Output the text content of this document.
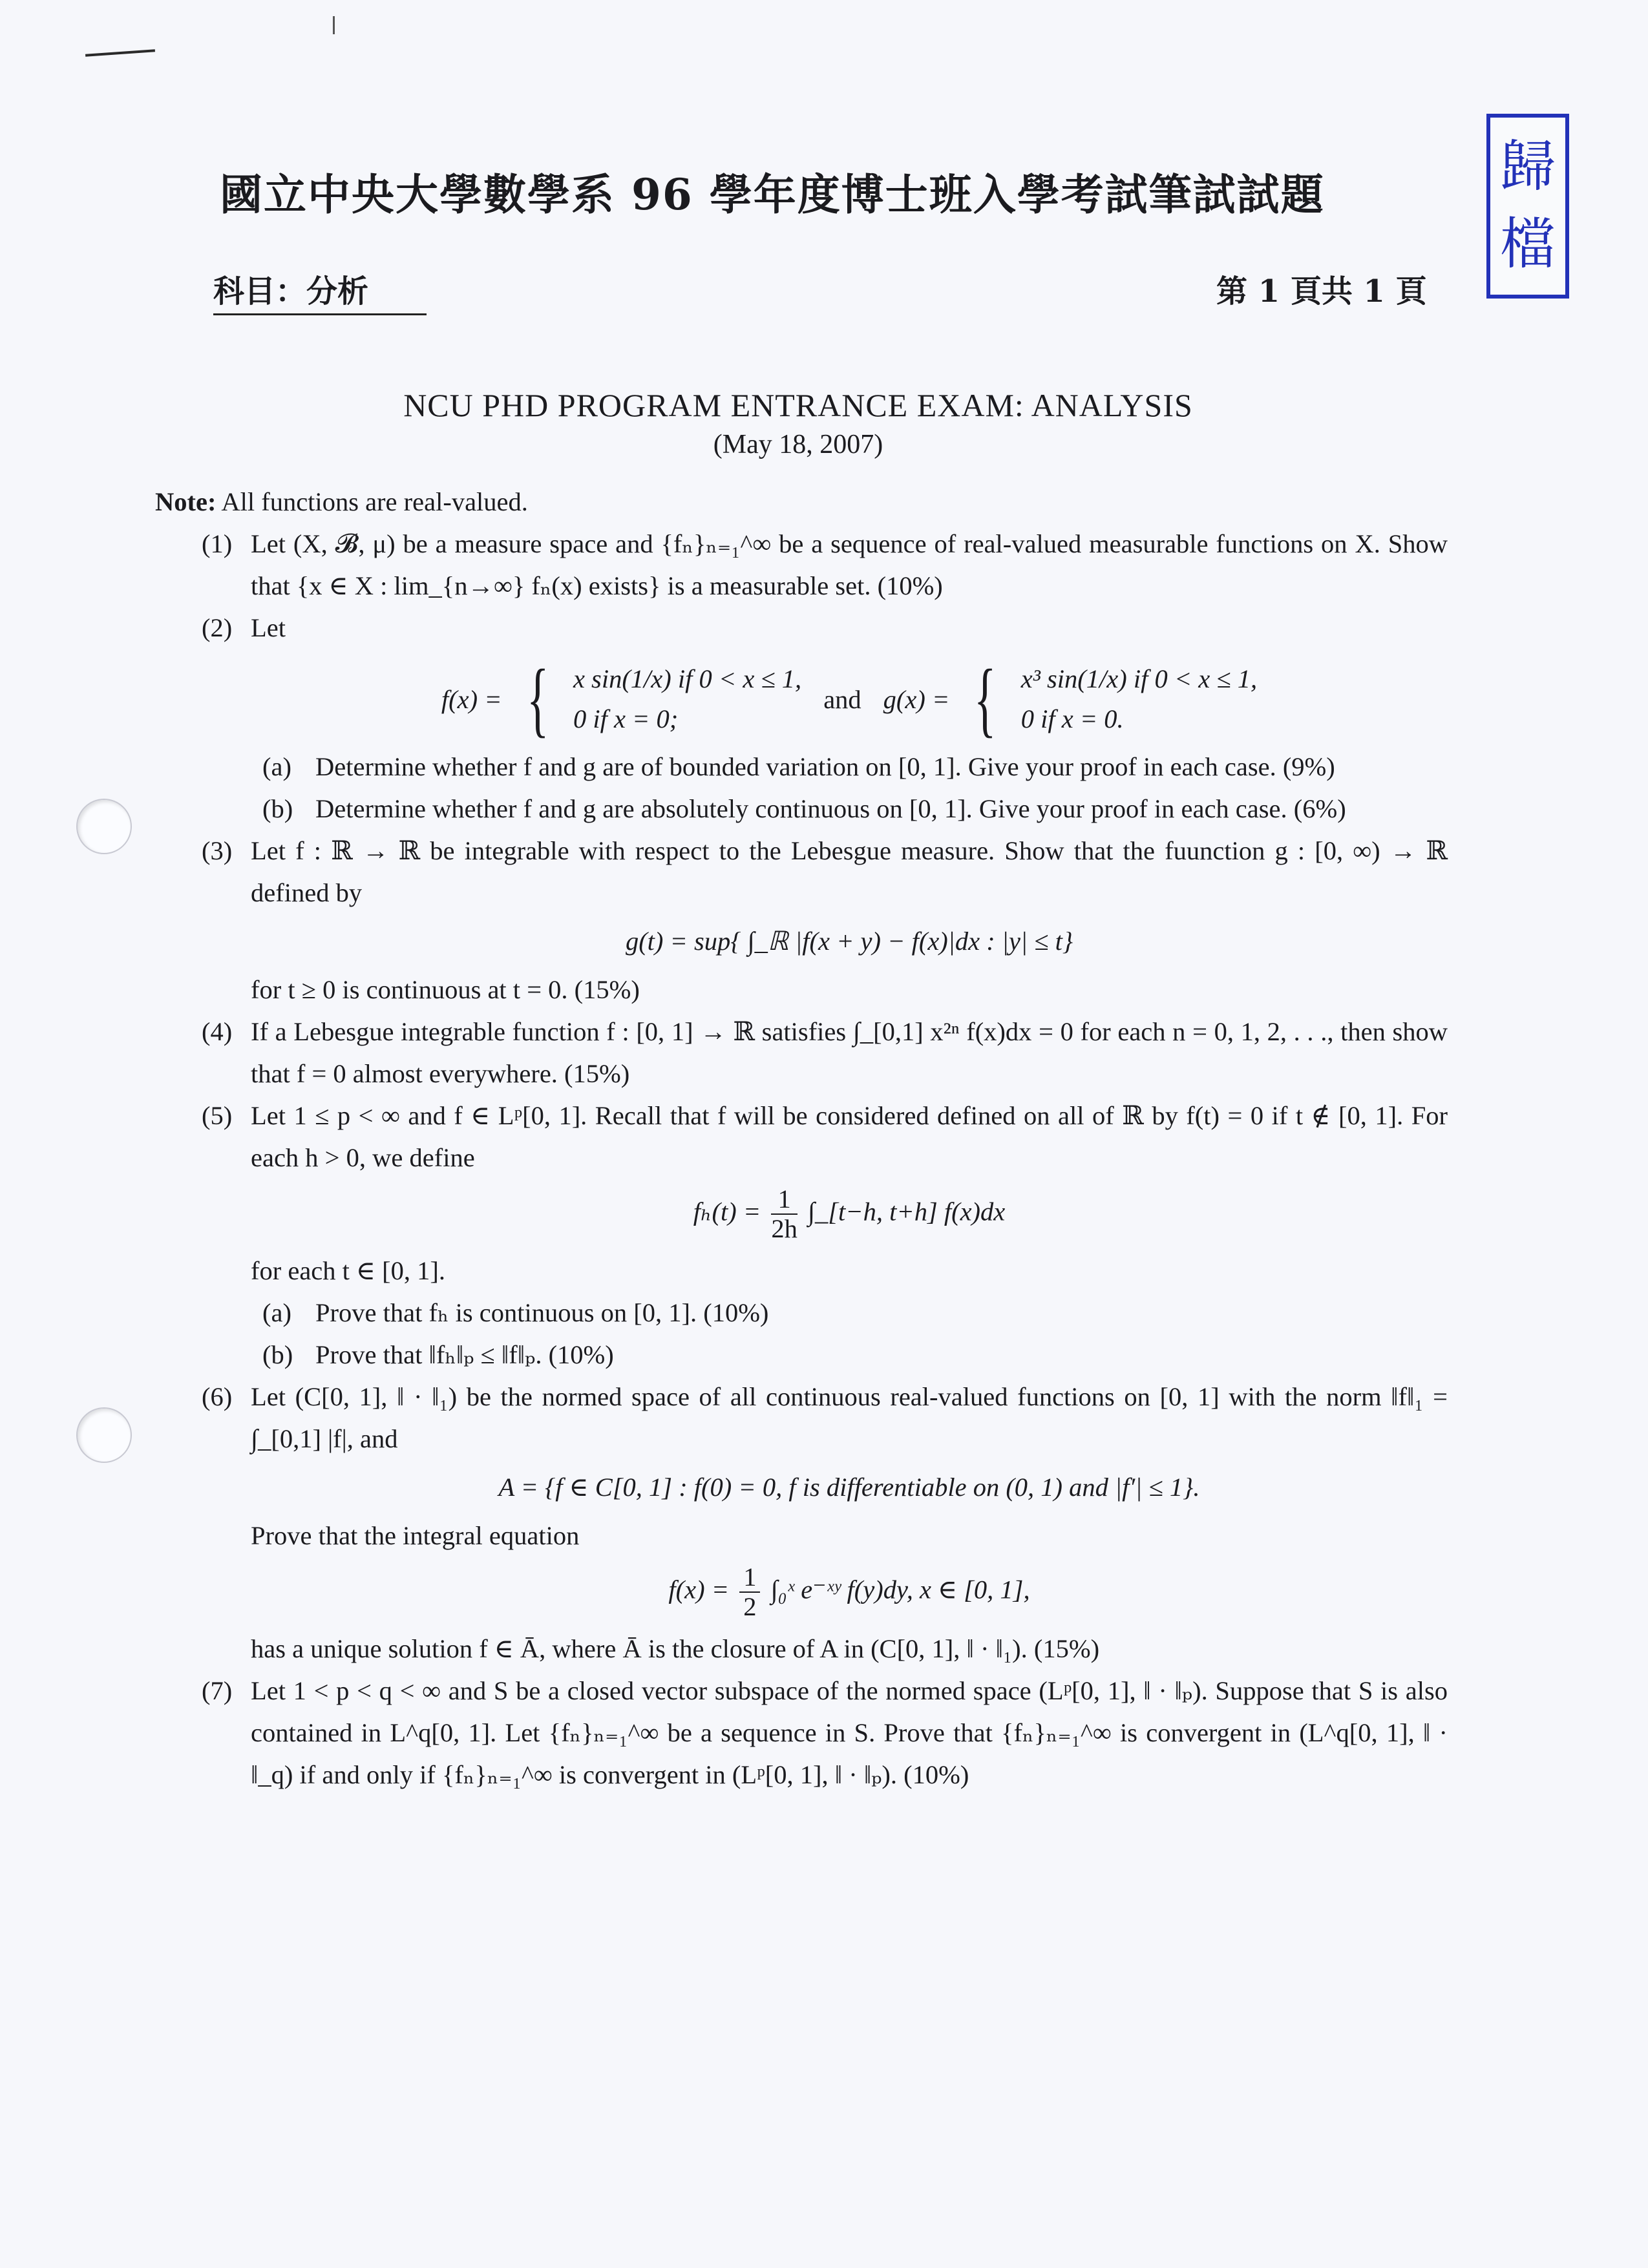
歸
檔
國立中央大學數學系 96 學年度博士班入學考試筆試試題
科目：分析	第 1 頁共 1 頁
NCU PHD PROGRAM ENTRANCE EXAM: ANALYSIS
(May 18, 2007)
Note: All functions are real-valued.
(1) Let (X, 𝓑, μ) be a measure space and {fₙ}ₙ₌₁^∞ be a sequence of real-valued measurable functions on X. Show that {x ∈ X : lim_{n→∞} fₙ(x) exists} is a measurable set. (10%)
(2) Let
f(x) = { x sin(1/x) if 0 < x ≤ 1,
0 if x = 0;
and g(x) = { x³ sin(1/x) if 0 < x ≤ 1,
0 if x = 0.
(a) Determine whether f and g are of bounded variation on [0, 1]. Give your proof in each case. (9%)
(b) Determine whether f and g are absolutely continuous on [0, 1]. Give your proof in each case. (6%)
(3) Let f : ℝ → ℝ be integrable with respect to the Lebesgue measure. Show that the fuunction g : [0, ∞) → ℝ defined by
g(t) = sup{ ∫_ℝ |f(x + y) − f(x)|dx : |y| ≤ t}
for t ≥ 0 is continuous at t = 0. (15%)
(4) If a Lebesgue integrable function f : [0, 1] → ℝ satisfies ∫_[0,1] x²ⁿ f(x)dx = 0 for each n = 0, 1, 2, . . ., then show that f = 0 almost everywhere. (15%)
(5) Let 1 ≤ p < ∞ and f ∈ Lᵖ[0, 1]. Recall that f will be considered defined on all of ℝ by f(t) = 0 if t ∉ [0, 1]. For each h > 0, we define
$f_h(t) = \frac{1}{2h}$ ∫_[t−h, t+h] f(x)dx
for each t ∈ [0, 1].
(a) Prove that fₕ is continuous on [0, 1]. (10%)
(b) Prove that ‖fₕ‖ₚ ≤ ‖f‖ₚ. (10%)
(6) Let (C[0, 1], ‖ · ‖₁) be the normed space of all continuous real-valued functions on [0, 1] with the norm ‖f‖₁ = ∫_[0,1] |f|, and
A = {f ∈ C[0, 1] : f(0) = 0, f is differentiable on (0, 1) and |f′| ≤ 1}.
Prove that the integral equation
$f(x) = \frac{1}{2}$ ∫₀ˣ e⁻ˣʸ f(y)dy, x ∈ [0, 1],
has a unique solution f ∈ Ā, where Ā is the closure of A in (C[0, 1], ‖ · ‖₁). (15%)
(7) Let 1 < p < q < ∞ and S be a closed vector subspace of the normed space (Lᵖ[0, 1], ‖ · ‖ₚ). Suppose that S is also contained in L^q[0, 1]. Let {fₙ}ₙ₌₁^∞ be a sequence in S. Prove that {fₙ}ₙ₌₁^∞ is convergent in (L^q[0, 1], ‖ · ‖_q) if and only if {fₙ}ₙ₌₁^∞ is convergent in (Lᵖ[0, 1], ‖ · ‖ₚ). (10%)
